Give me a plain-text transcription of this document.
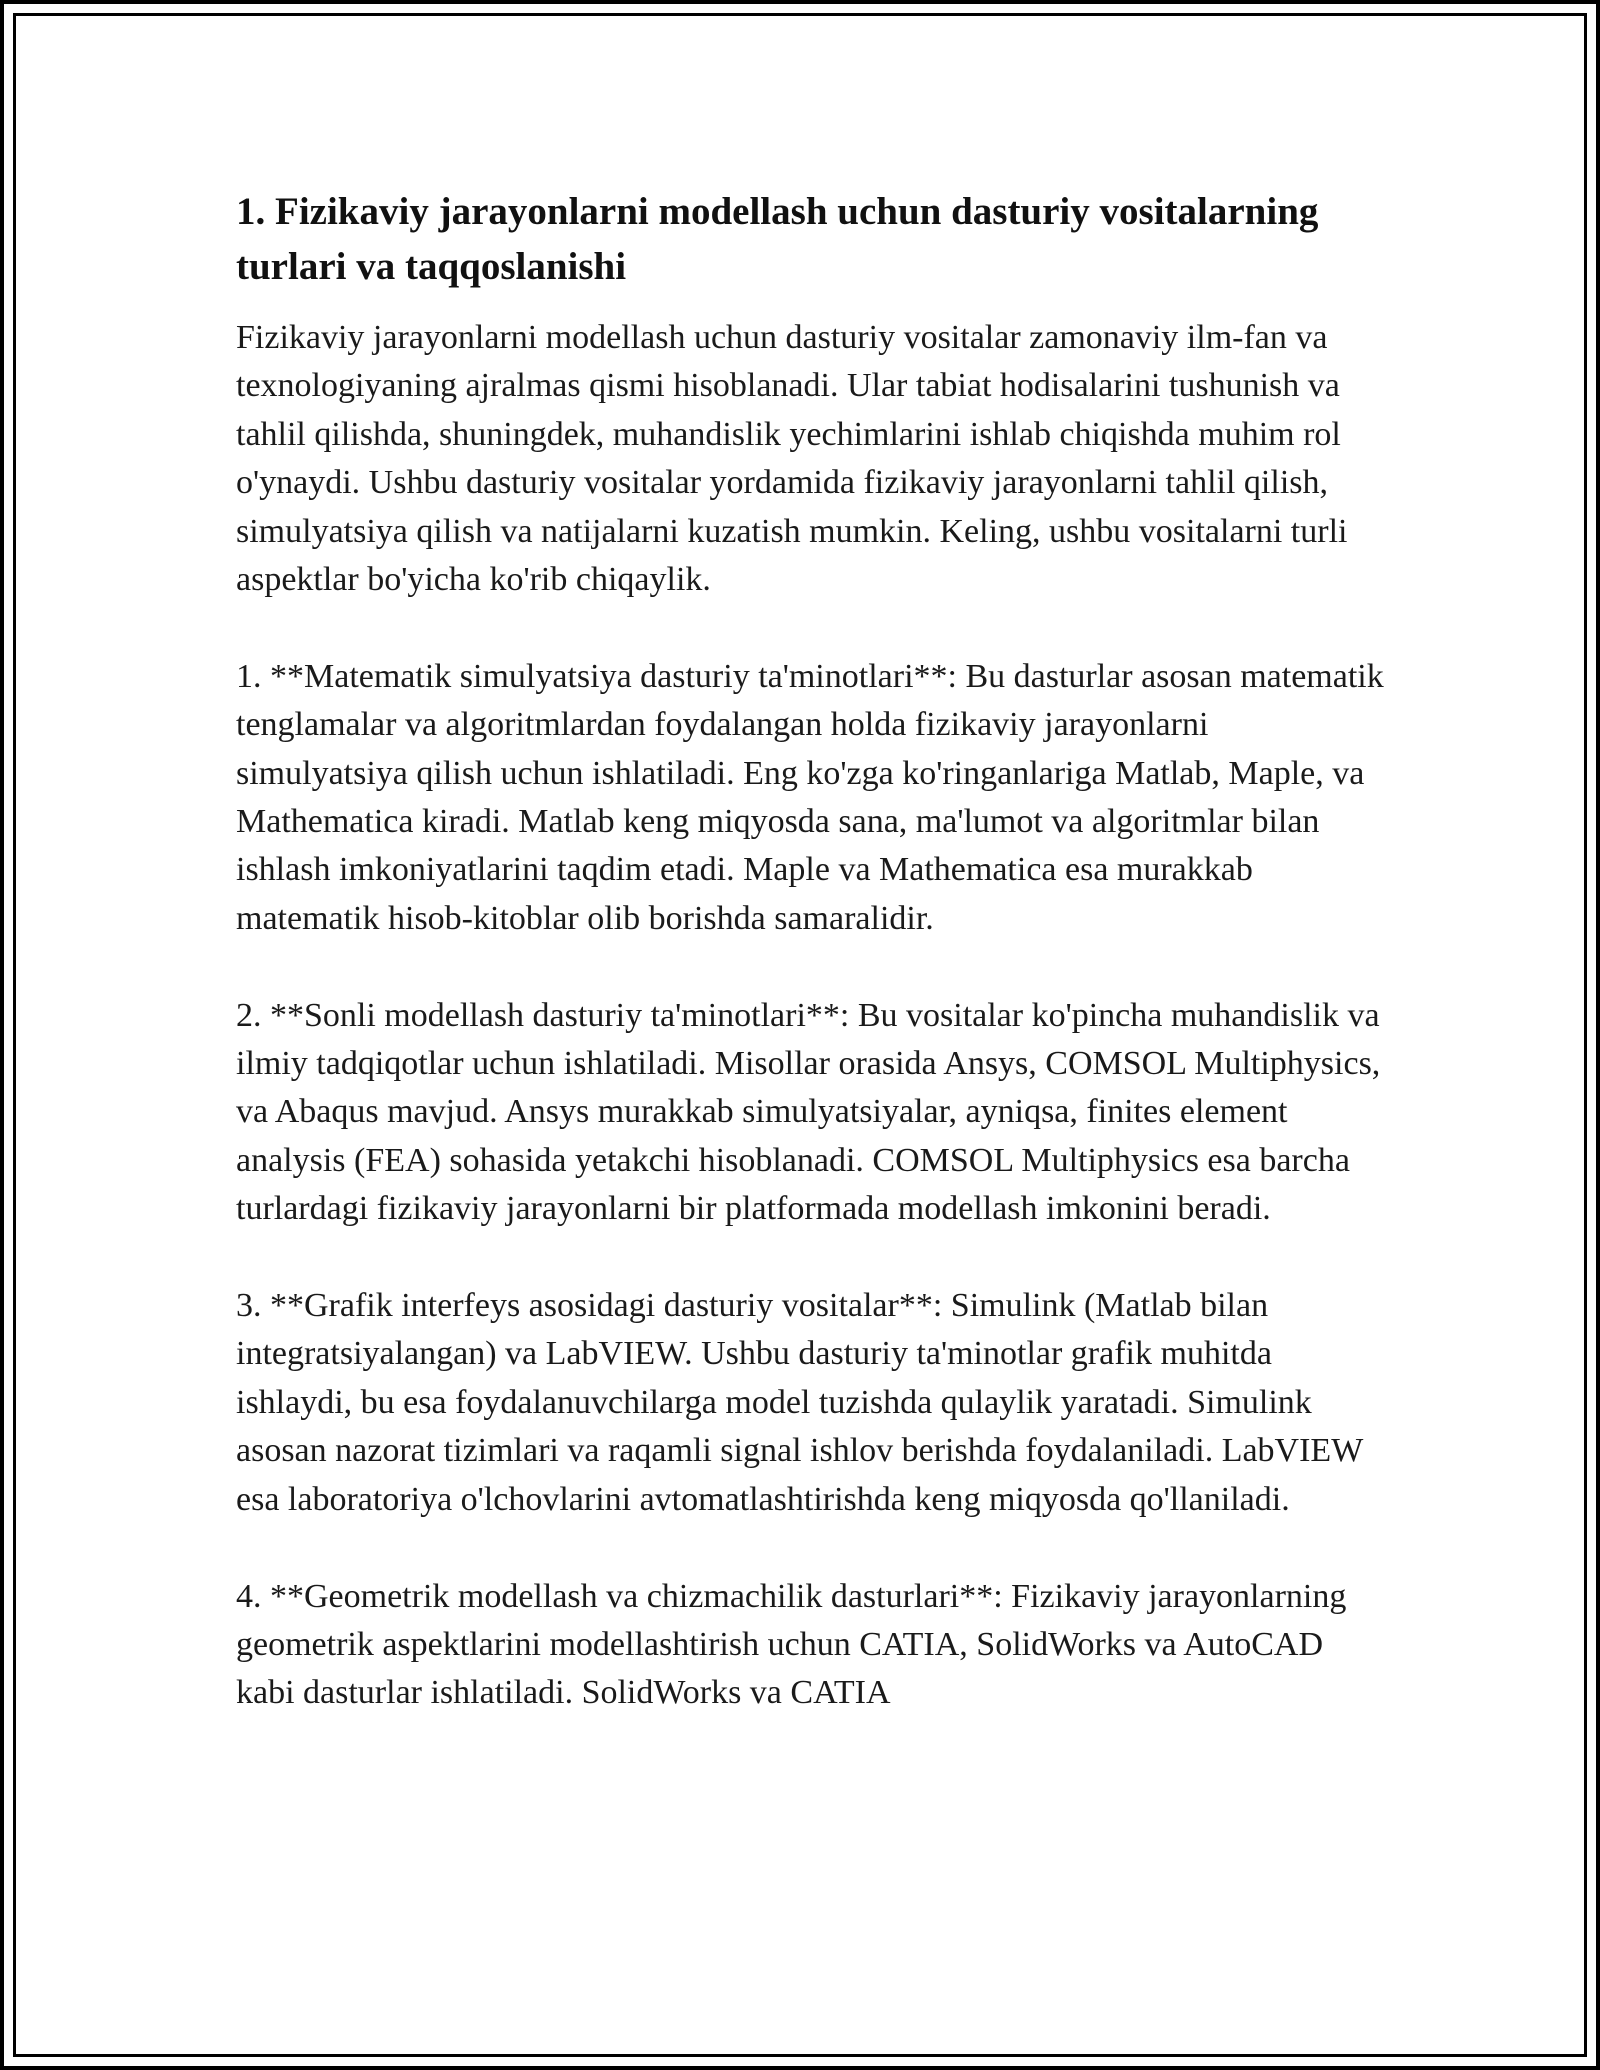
1. Fizikaviy jarayonlarni modellash uchun dasturiy vositalarning turlari va taqqoslanishi

Fizikaviy jarayonlarni modellash uchun dasturiy vositalar zamonaviy ilm-fan va texnologiyaning ajralmas qismi hisoblanadi. Ular tabiat hodisalarini tushunish va tahlil qilishda, shuningdek, muhandislik yechimlarini ishlab chiqishda muhim rol o'ynaydi. Ushbu dasturiy vositalar yordamida fizikaviy jarayonlarni tahlil qilish, simulyatsiya qilish va natijalarni kuzatish mumkin. Keling, ushbu vositalarni turli aspektlar bo'yicha ko'rib chiqaylik.

1. **Matematik simulyatsiya dasturiy ta'minotlari**: Bu dasturlar asosan matematik tenglamalar va algoritmlardan foydalangan holda fizikaviy jarayonlarni simulyatsiya qilish uchun ishlatiladi. Eng ko'zga ko'ringanlariga Matlab, Maple, va Mathematica kiradi. Matlab keng miqyosda sana, ma'lumot va algoritmlar bilan ishlash imkoniyatlarini taqdim etadi. Maple va Mathematica esa murakkab matematik hisob-kitoblar olib borishda samaralidir.

2. **Sonli modellash dasturiy ta'minotlari**: Bu vositalar ko'pincha muhandislik va ilmiy tadqiqotlar uchun ishlatiladi. Misollar orasida Ansys, COMSOL Multiphysics, va Abaqus mavjud. Ansys murakkab simulyatsiyalar, ayniqsa, finites element analysis (FEA) sohasida yetakchi hisoblanadi. COMSOL Multiphysics esa barcha turlardagi fizikaviy jarayonlarni bir platformada modellash imkonini beradi.

3. **Grafik interfeys asosidagi dasturiy vositalar**: Simulink (Matlab bilan integratsiyalangan) va LabVIEW. Ushbu dasturiy ta'minotlar grafik muhitda ishlaydi, bu esa foydalanuvchilarga model tuzishda qulaylik yaratadi. Simulink asosan nazorat tizimlari va raqamli signal ishlov berishda foydalaniladi. LabVIEW esa laboratoriya o'lchovlarini avtomatlashtirishda keng miqyosda qo'llaniladi.

4. **Geometrik modellash va chizmachilik dasturlari**: Fizikaviy jarayonlarning geometrik aspektlarini modellashtirish uchun CATIA, SolidWorks va AutoCAD kabi dasturlar ishlatiladi. SolidWorks va CATIA
